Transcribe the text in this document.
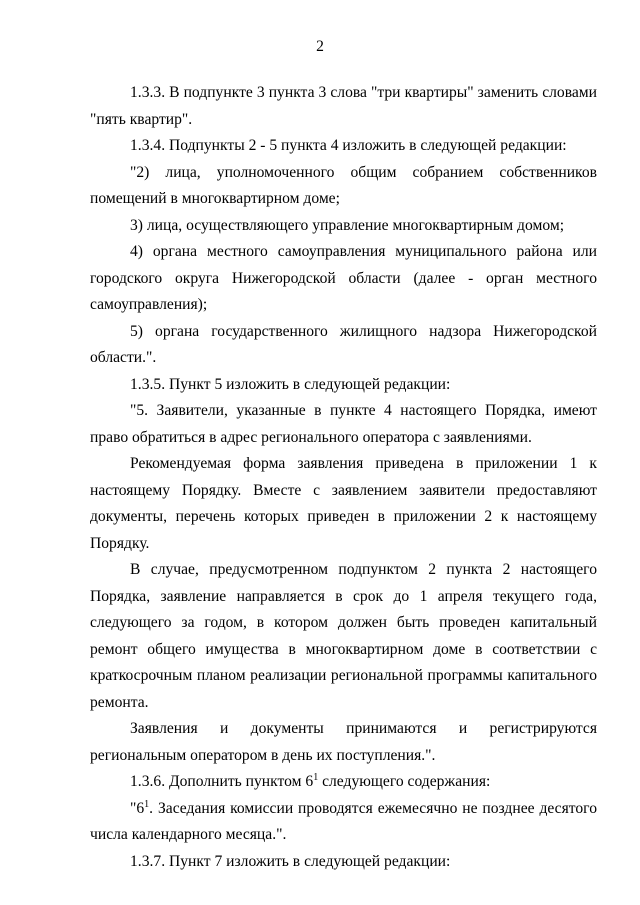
2

1.3.3. В подпункте 3 пункта 3 слова "три квартиры" заменить словами "пять квартир".

1.3.4. Подпункты 2 - 5 пункта 4 изложить в следующей редакции:

"2) лица, уполномоченного общим собранием собственников помещений в многоквартирном доме;

3) лица, осуществляющего управление многоквартирным домом;

4) органа местного самоуправления муниципального района или городского округа Нижегородской области (далее - орган местного самоуправления);

5) органа государственного жилищного надзора Нижегородской области.".

1.3.5. Пункт 5 изложить в следующей редакции:

"5. Заявители, указанные в пункте 4 настоящего Порядка, имеют право обратиться в адрес регионального оператора с заявлениями.

Рекомендуемая форма заявления приведена в приложении 1 к настоящему Порядку. Вместе с заявлением заявители предоставляют документы, перечень которых приведен в приложении 2 к настоящему Порядку.

В случае, предусмотренном подпунктом 2 пункта 2 настоящего Порядка, заявление направляется в срок до 1 апреля текущего года, следующего за годом, в котором должен быть проведен капитальный ремонт общего имущества в многоквартирном доме в соответствии с краткосрочным планом реализации региональной программы капитального ремонта.

Заявления и документы принимаются и регистрируются региональным оператором в день их поступления.".

1.3.6. Дополнить пунктом $6^1$ следующего содержания:

"$6^1$. Заседания комиссии проводятся ежемесячно не позднее десятого числа календарного месяца.".

1.3.7. Пункт 7 изложить в следующей редакции:
